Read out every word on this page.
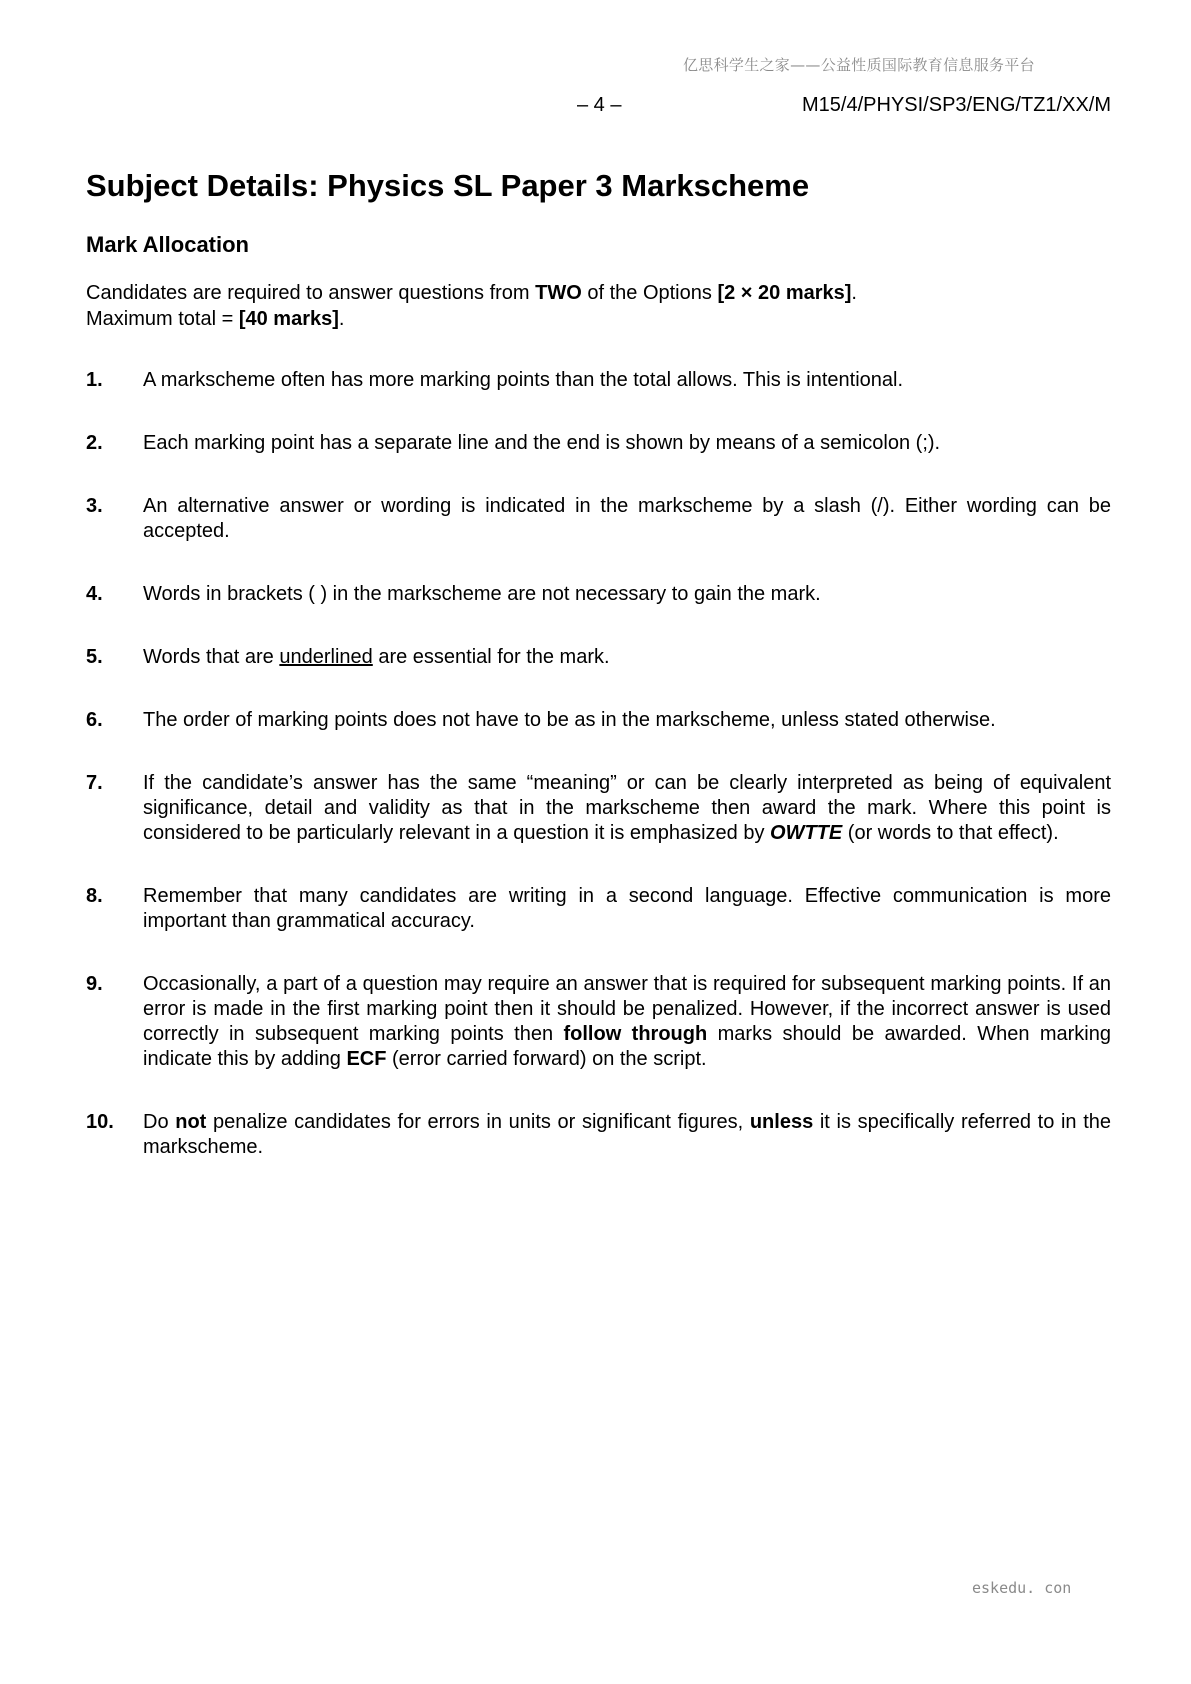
亿思科学生之家——公益性质国际教育信息服务平台
– 4 –	M15/4/PHYSI/SP3/ENG/TZ1/XX/M
Subject Details: Physics SL Paper 3 Markscheme
Mark Allocation

Candidates are required to answer questions from TWO of the Options [2 × 20 marks].

Maximum total = [40 marks].

1.	A markscheme often has more marking points than the total allows. This is intentional.
2.	Each marking point has a separate line and the end is shown by means of a semicolon (;).
3.	An alternative answer or wording is indicated in the markscheme by a slash (/). Either wording can be accepted.
4.	Words in brackets ( ) in the markscheme are not necessary to gain the mark.
5.	Words that are underlined are essential for the mark.
6.	The order of marking points does not have to be as in the markscheme, unless stated otherwise.
7.	If the candidate’s answer has the same “meaning” or can be clearly interpreted as being of equivalent significance, detail and validity as that in the markscheme then award the mark. Where this point is considered to be particularly relevant in a question it is emphasized by OWTTE (or words to that effect).
8.	Remember that many candidates are writing in a second language. Effective communication is more important than grammatical accuracy.
9.	Occasionally, a part of a question may require an answer that is required for subsequent marking points. If an error is made in the first marking point then it should be penalized. However, if the incorrect answer is used correctly in subsequent marking points then follow through marks should be awarded. When marking indicate this by adding ECF (error carried forward) on the script.
10.	Do not penalize candidates for errors in units or significant figures, unless it is specifically referred to in the markscheme.
eskedu. con
